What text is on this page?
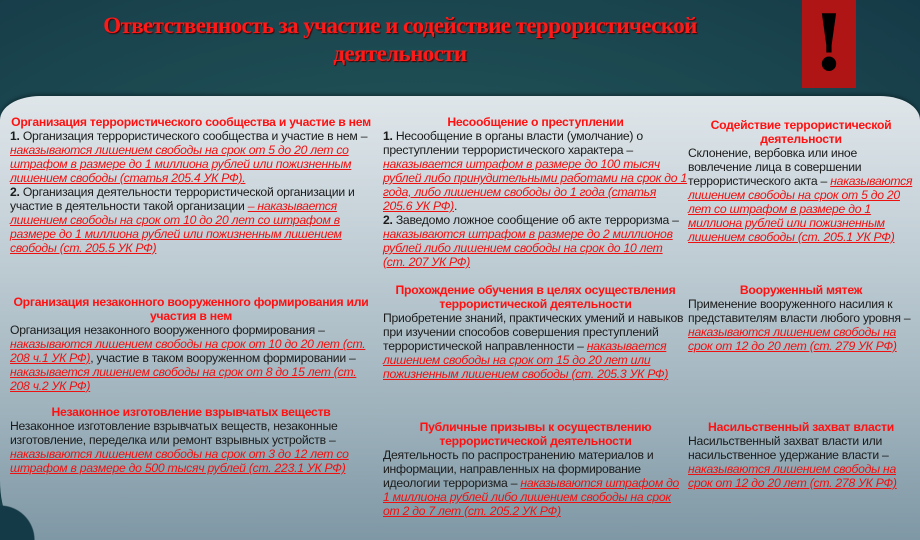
Ответственность за участие и содействие террористической деятельности	!
Организация террористического сообщества и участие в нем

1. Организация террористического сообщества и участие в нем – наказываются лишением свободы на срок от 5 до 20 лет со штрафом в размере до 1 миллиона рублей или пожизненным лишением свободы (статья 205.4 УК РФ).

2. Организация деятельности террористической организации и участие в деятельности такой организации – наказывается лишением свободы на срок от 10 до 20 лет со штрафом в размере до 1 миллиона рублей или пожизненным лишением свободы (ст. 205.5 УК РФ)

Организация незаконного вооруженного формирования или участия в нем

Организация незаконного вооруженного формирования – наказываются лишением свободы на срок от 10 до 20 лет (ст. 208 ч.1 УК РФ), участие в таком вооруженном формировании – наказывается лишением свободы на срок от 8 до 15 лет (ст. 208 ч.2 УК РФ)

Незаконное изготовление взрывчатых веществ

Незаконное изготовление взрывчатых веществ, незаконные изготовление, переделка или ремонт взрывных устройств – наказываются лишением свободы на срок от 3 до 12 лет со штрафом в размере до 500 тысяч рублей (ст. 223.1 УК РФ)

Несообщение о преступлении

1. Несообщение в органы власти (умолчание) о преступлении террористического характера – наказывается штрафом в размере до 100 тысяч рублей либо принудительными работами на срок до 1 года, либо лишением свободы до 1 года (статья 205.6 УК РФ).

2. Заведомо ложное сообщение об акте терроризма – наказываются штрафом в размере до 2 миллионов рублей либо лишением свободы на срок до 10 лет (ст. 207 УК РФ)

Прохождение обучения в целях осуществления террористической деятельности

Приобретение знаний, практических умений и навыков при изучении способов совершения преступлений террористической направленности – наказывается лишением свободы на срок от 15 до 20 лет или пожизненным лишением свободы (ст. 205.3 УК РФ)

Публичные призывы к осуществлению террористической деятельности

Деятельность по распространению материалов и информации, направленных на формирование идеологии терроризма – наказываются штрафом до 1 миллиона рублей либо лишением свободы на срок от 2 до 7 лет (ст. 205.2 УК РФ)

Содействие террористической деятельности

Склонение, вербовка или иное вовлечение лица в совершении террористического акта – наказываются лишением свободы на срок от 5 до 20 лет со штрафом в размере до 1 миллиона рублей или пожизненным лишением свободы (ст. 205.1 УК РФ)

Вооруженный мятеж

Применение вооруженного насилия к представителям власти любого уровня – наказываются лишением свободы на срок от 12 до 20 лет (ст. 279 УК РФ)

Насильственный захват власти

Насильственный захват власти или насильственное удержание власти – наказываются лишением свободы на срок от 12 до 20 лет (ст. 278 УК РФ)
